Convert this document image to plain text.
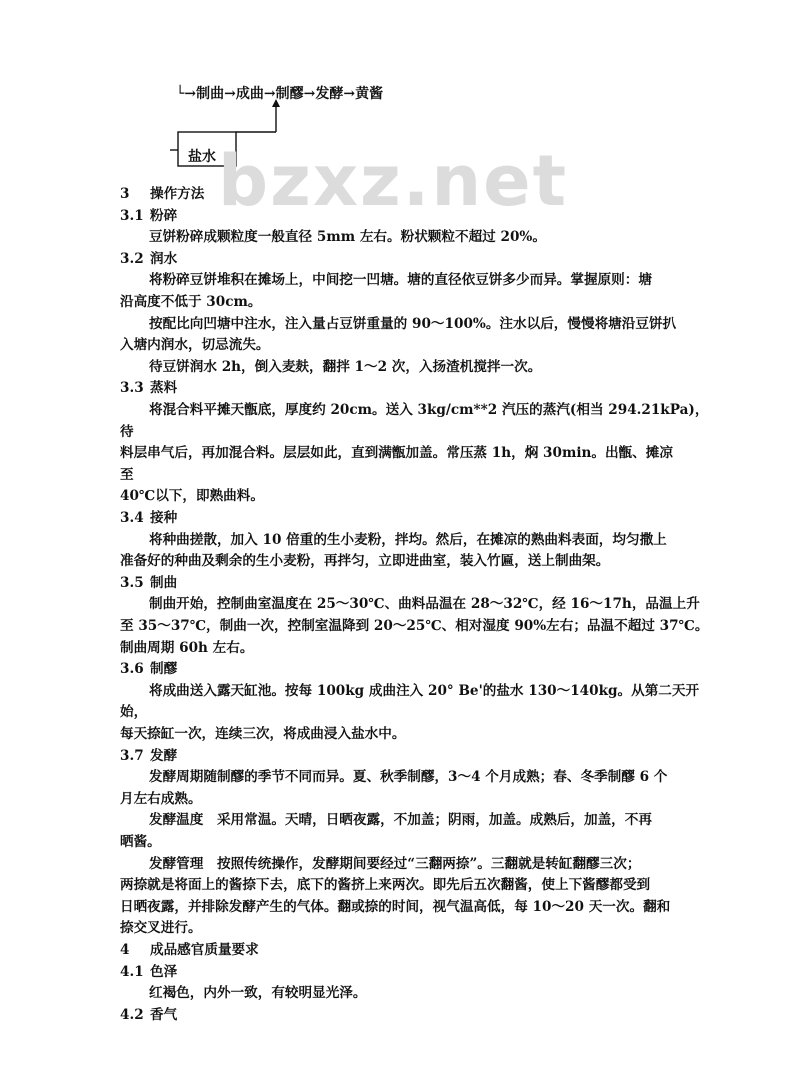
└→制曲→成曲→制醪→发酵→黄酱
盐水 bzxz.net
3 操作方法
3.1 粉碎
豆饼粉碎成颗粒度一般直径 5mm 左右。粉状颗粒不超过 20%。
3.2 润水
将粉碎豆饼堆积在摊场上，中间挖一凹塘。塘的直径依豆饼多少而异。掌握原则：塘
沿高度不低于 30cm。
按配比向凹塘中注水，注入量占豆饼重量的 90～100%。注水以后，慢慢将塘沿豆饼扒
入塘内润水，切忌流失。
待豆饼润水 2h，倒入麦麸，翻拌 1～2 次，入扬渣机搅拌一次。
3.3 蒸料
将混合料平摊天甑底，厚度约 20cm。送入 3kg/cm**2 汽压的蒸汽(相当 294.21kPa)，
待
料层串气后，再加混合料。层层如此，直到满甑加盖。常压蒸 1h，焖 30min。出甑、摊凉
至
40℃以下，即熟曲料。
3.4 接种
将种曲搓散，加入 10 倍重的生小麦粉，拌均。然后，在摊凉的熟曲料表面，均匀撒上
准备好的种曲及剩余的生小麦粉，再拌匀，立即进曲室，装入竹匾，送上制曲架。
3.5 制曲
制曲开始，控制曲室温度在 25～30℃、曲料品温在 28～32℃，经 16～17h，品温上升
至 35～37℃，制曲一次，控制室温降到 20～25℃、相对湿度 90%左右；品温不超过 37℃。
制曲周期 60h 左右。
3.6 制醪
将成曲送入露天缸池。按每 100kg 成曲注入 20° Be'的盐水 130～140kg。从第二天开
始，
每天捺缸一次，连续三次，将成曲浸入盐水中。
3.7 发酵
发酵周期随制醪的季节不同而异。夏、秋季制醪，3～4 个月成熟；春、冬季制醪 6 个
月左右成熟。
发酵温度　采用常温。天晴，日晒夜露，不加盖；阴雨，加盖。成熟后，加盖，不再
晒酱。
发酵管理　按照传统操作，发酵期间要经过“三翻两捺”。三翻就是转缸翻醪三次；
两捺就是将面上的酱捺下去，底下的酱挤上来两次。即先后五次翻酱，使上下酱醪都受到
日晒夜露，并排除发酵产生的气体。翻或捺的时间，视气温高低，每 10～20 天一次。翻和
捺交叉进行。
4 成品感官质量要求
4.1 色泽
红褐色，内外一致，有较明显光泽。
4.2 香气
